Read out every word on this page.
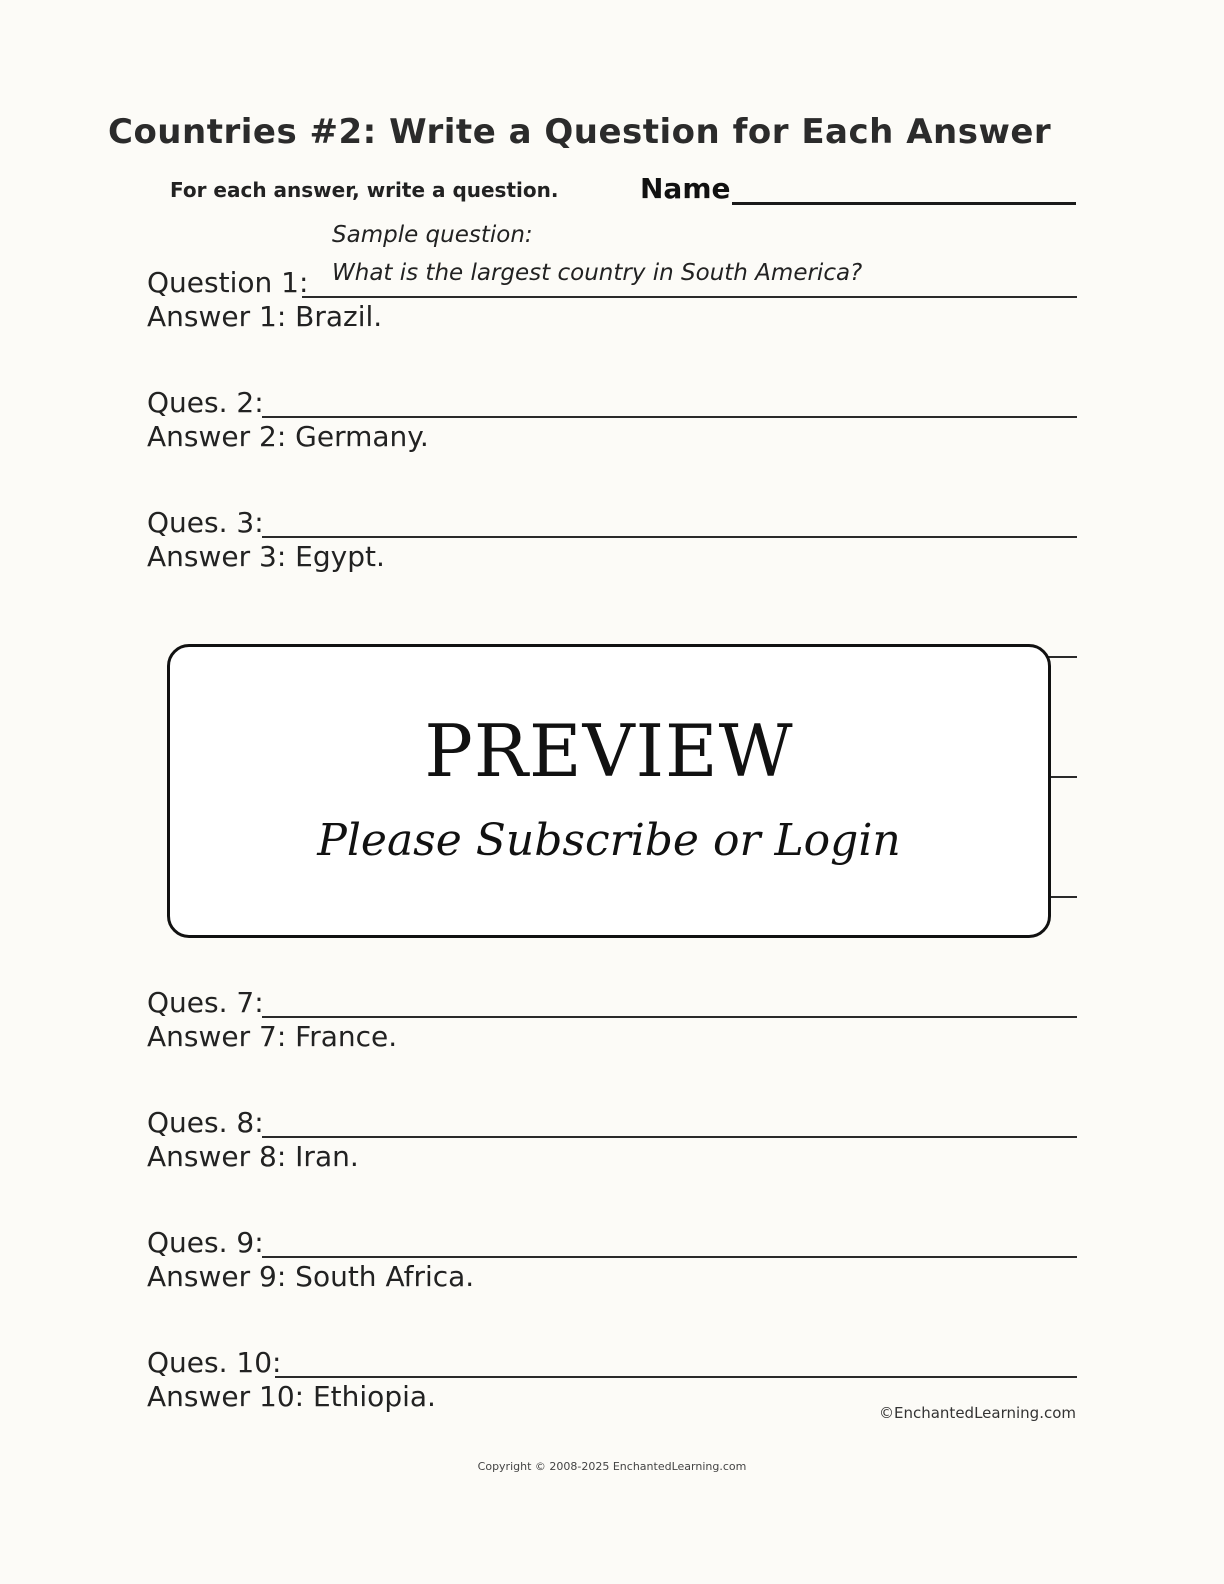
Countries #2: Write a Question for Each Answer
For each answer, write a question.	Name
Sample question:
What is the largest country in South America?
Question 1:
Answer 1: Brazil.
Ques. 2:
Answer 2: Germany.
Ques. 3:
Answer 3: Egypt.
Ques. 7:
Answer 7: France.
Ques. 8:
Answer 8: Iran.
Ques. 9:
Answer 9: South Africa.
Ques. 10:
Answer 10: Ethiopia.	©EnchantedLearning.com
PREVIEW
Please Subscribe or Login
Copyright © 2008-2025 EnchantedLearning.com
